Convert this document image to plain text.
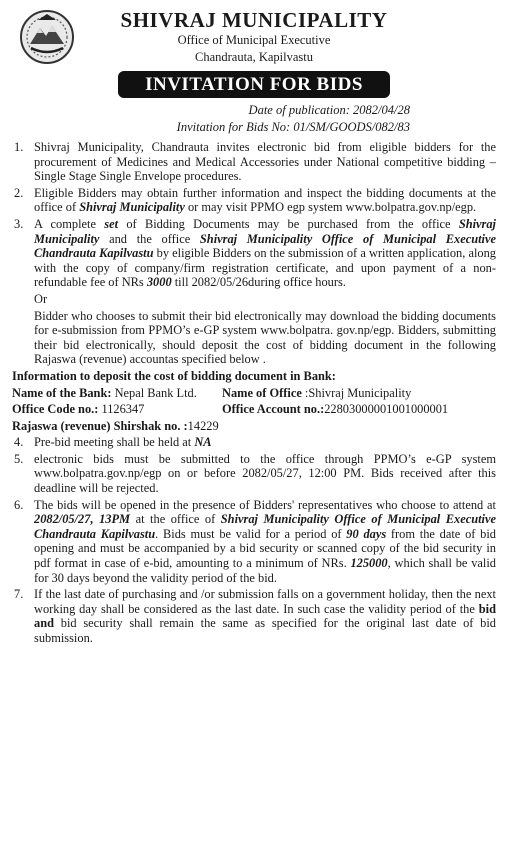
SHIVRAJ MUNICIPALITY
Office of Municipal Executive
Chandrauta, Kapilvastu
INVITATION FOR BIDS
Date of publication: 2082/04/28
Invitation for Bids No: 01/SM/GOODS/082/83
1. Shivraj Municipality, Chandrauta invites electronic bid from eligible bidders for the procurement of Medicines and Medical Accessories under National competitive bidding – Single Stage Single Envelope procedures.
2. Eligible Bidders may obtain further information and inspect the bidding documents at the office of Shivraj Municipality or may visit PPMO egp system www.bolpatra.gov.np/egp.
3. A complete set of Bidding Documents may be purchased from the office Shivraj Municipality and the office Shivraj Municipality Office of Municipal Executive Chandrauta Kapilvastu by eligible Bidders on the submission of a written application, along with the copy of company/firm registration certificate, and upon payment of a non-refundable fee of NRs 3000 till 2082/05/26during office hours.
Or
Bidder who chooses to submit their bid electronically may download the bidding documents for e-submission from PPMO’s e-GP system www.bolpatra. gov.np/egp. Bidders, submitting their bid electronically, should deposit the cost of bidding document in the following Rajaswa (revenue) accountas specified below .
Information to deposit the cost of bidding document in Bank:
Name of the Bank: Nepal Bank Ltd.	Name of Office :Shivraj Municipality
Office Code no.: 1126347	Office Account no.:22803000001001000001
Rajaswa (revenue) Shirshak no. :14229
4. Pre-bid meeting shall be held at NA
5. electronic bids must be submitted to the office through PPMO’s e-GP system www.bolpatra.gov.np/egp on or before 2082/05/27, 12:00 PM. Bids received after this deadline will be rejected.
6. The bids will be opened in the presence of Bidders' representatives who choose to attend at 2082/05/27, 13PM at the office of Shivraj Municipality Office of Municipal Executive Chandrauta Kapilvastu. Bids must be valid for a period of 90 days from the date of bid opening and must be accompanied by a bid security or scanned copy of the bid security in pdf format in case of e-bid, amounting to a minimum of NRs. 125000, which shall be valid for 30 days beyond the validity period of the bid.
7. If the last date of purchasing and /or submission falls on a government holiday, then the next working day shall be considered as the last date. In such case the validity period of the bid and bid security shall remain the same as specified for the original last date of bid submission.
